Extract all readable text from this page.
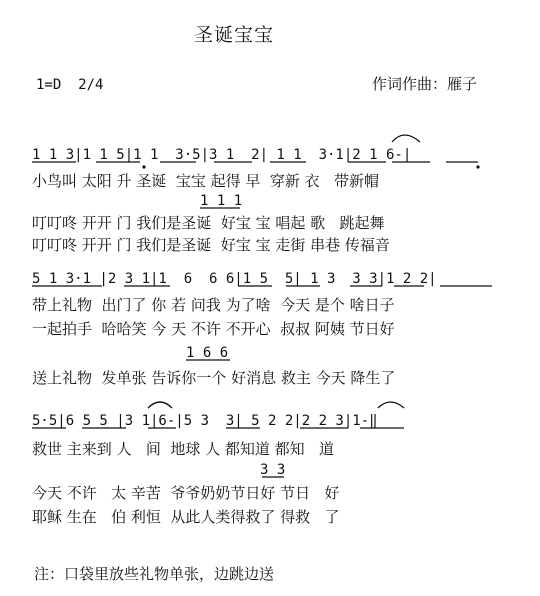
圣诞宝宝
1=D  2/4	作词作曲：雁子
1 1 3|1 1 5|1 1  3·5|3 1  2| 1 1  3·1|2 1 6-|
小鸟叫 太阳 升 圣诞  宝宝 起得 早  穿新 衣   带新帽
1 1 1
叮叮咚 开开 门 我们是圣诞  好宝 宝 唱起 歌   跳起舞
叮叮咚 开开 门 我们是圣诞  好宝 宝 走街 串巷 传福音
5 1 3·1 |2 3 1|1  6  6 6|1 5  5| 1 3  3 3|1 2 2|
带上礼物  出门了 你 若 问我 为了啥  今天 是个 啥日子
一起拍手  哈哈笑 今 天 不许 不开心  叔叔 阿姨 节日好
1 6 6
送上礼物  发单张 告诉你一个 好消息 救主 今天 降生了
5·5|6 5 5 |3 1|6-|5 3  3| 5 2 2|2 2 3|1-‖
救世 主来到 人   间  地球 人 都知道 都知   道
3 3
今天 不许   太 辛苦  爷爷奶奶节日好 节日   好
耶稣 生在   伯 利恒  从此人类得救了 得救   了
注：口袋里放些礼物单张，边跳边送
